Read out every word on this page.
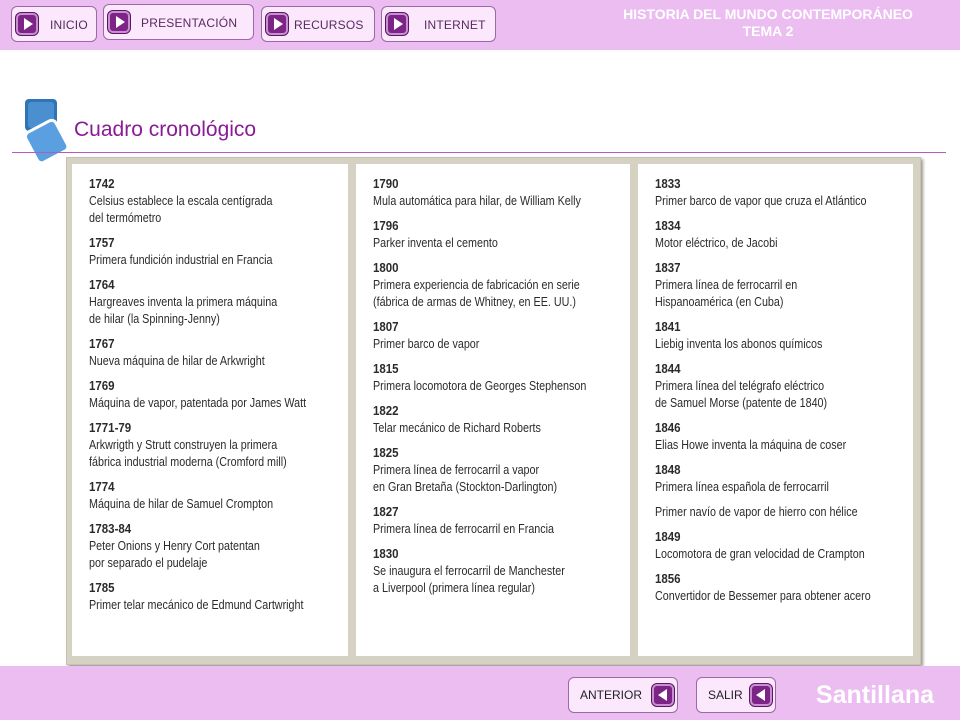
INICIO	PRESENTACIÓN	RECURSOS	INTERNET
HISTORIA DEL MUNDO CONTEMPORÁNEO
TEMA 2
Cuadro cronológico
1742
Celsius establece la escala centígrada
del termómetro
1757
Primera fundición industrial en Francia
1764
Hargreaves inventa la primera máquina
de hilar (la Spinning-Jenny)
1767
Nueva máquina de hilar de Arkwright
1769
Máquina de vapor, patentada por James Watt
1771-79
Arkwrigth y Strutt construyen la primera
fábrica industrial moderna (Cromford mill)
1774
Máquina de hilar de Samuel Crompton
1783-84
Peter Onions y Henry Cort patentan
por separado el pudelaje
1785
Primer telar mecánico de Edmund Cartwright
1790
Mula automática para hilar, de William Kelly
1796
Parker inventa el cemento
1800
Primera experiencia de fabricación en serie
(fábrica de armas de Whitney, en EE. UU.)
1807
Primer barco de vapor
1815
Primera locomotora de Georges Stephenson
1822
Telar mecánico de Richard Roberts
1825
Primera línea de ferrocarril a vapor
en Gran Bretaña (Stockton-Darlington)
1827
Primera línea de ferrocarril en Francia
1830
Se inaugura el ferrocarril de Manchester
a Liverpool (primera línea regular)
1833
Primer barco de vapor que cruza el Atlántico
1834
Motor eléctrico, de Jacobi
1837
Primera línea de ferrocarril en
Hispanoamérica (en Cuba)
1841
Liebig inventa los abonos químicos
1844
Primera línea del telégrafo eléctrico
de Samuel Morse (patente de 1840)
1846
Elias Howe inventa la máquina de coser
1848
Primera línea española de ferrocarril
Primer navío de vapor de hierro con hélice
1849
Locomotora de gran velocidad de Crampton
1856
Convertidor de Bessemer para obtener acero
ANTERIOR	SALIR	Santillana
